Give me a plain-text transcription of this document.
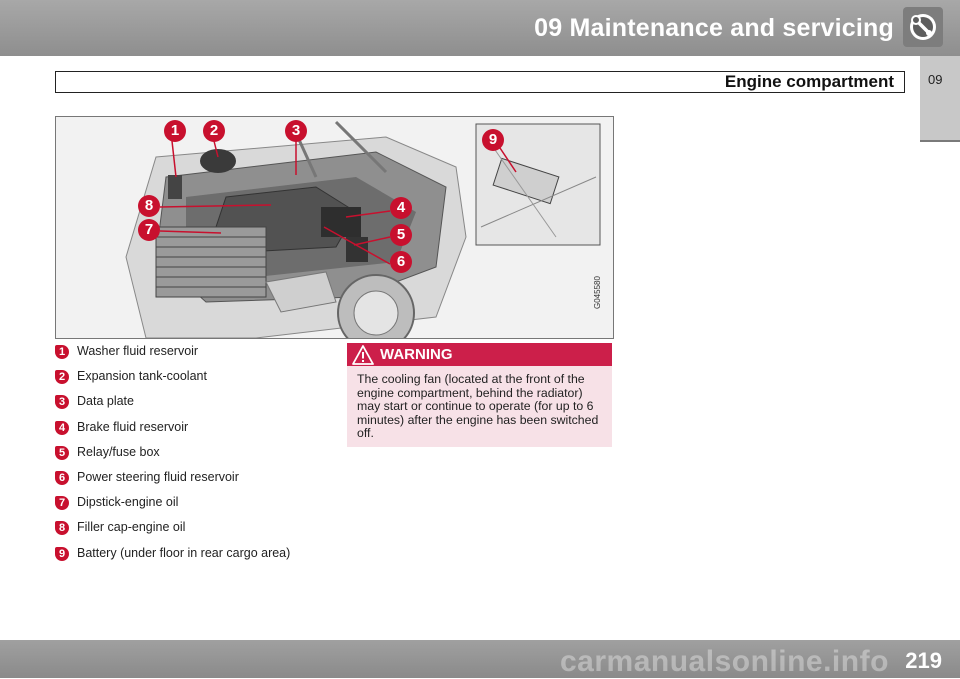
09 Maintenance and servicing
09
Engine compartment
1	2	3
4
5
6
7
8
9
G045580
1 Washer fluid reservoir
2 Expansion tank-coolant
3 Data plate
4 Brake fluid reservoir
5 Relay/fuse box
6 Power steering fluid reservoir
7 Dipstick-engine oil
8 Filler cap-engine oil
9 Battery (under floor in rear cargo area)
WARNING
The cooling fan (located at the front of the engine compartment, behind the radiator) may start or continue to operate (for up to 6 minutes) after the engine has been switched off.
219
carmanualsonline.info
